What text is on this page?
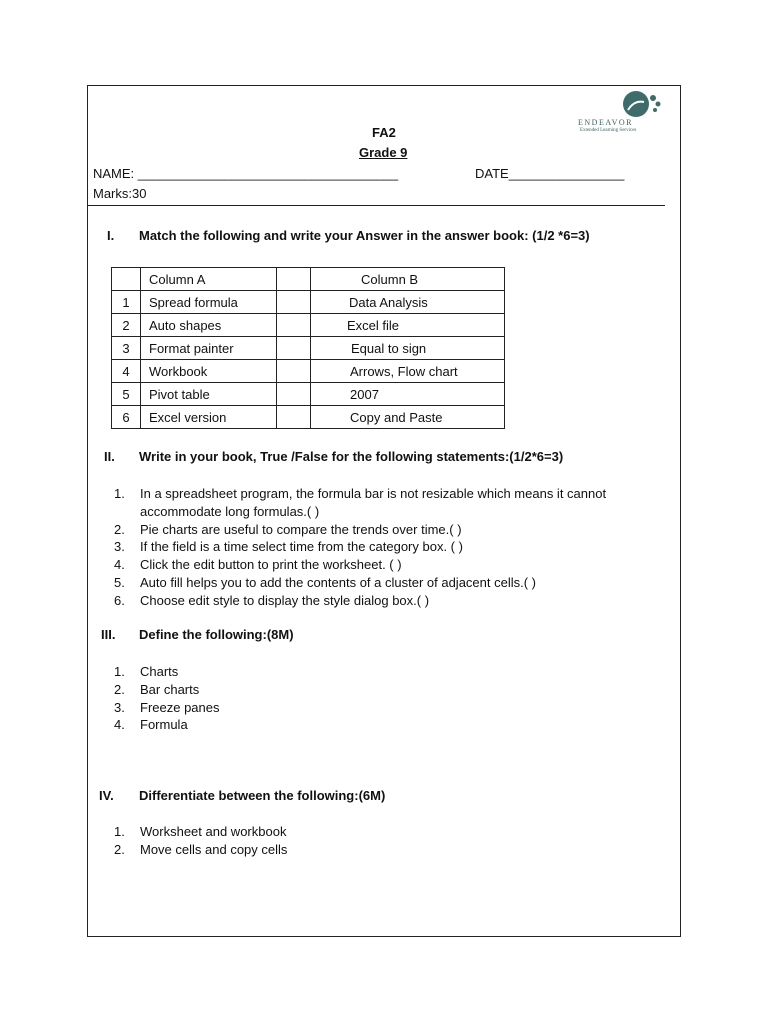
ENDEAVOR
Extended Learning Services
FA2
Grade 9
NAME: ____________________________________	DATE________________
Marks:30
I. Match the following and write your Answer in the answer book: (1/2 *6=3)
	Column A		Column B
1	Spread formula		Data Analysis
2	Auto shapes		Excel file
3	Format painter		Equal to sign
4	Workbook		Arrows, Flow chart
5	Pivot table		2007
6	Excel version		Copy and Paste
II. Write in your book, True /False for the following statements:(1/2*6=3)
1. In a spreadsheet program, the formula bar is not resizable which means it cannot
accommodate long formulas.( )
2. Pie charts are useful to compare the trends over time.( )
3. If the field is a time select time from the category box. ( )
4. Click the edit button to print the worksheet. ( )
5. Auto fill helps you to add the contents of a cluster of adjacent cells.( )
6. Choose edit style to display the style dialog box.( )
III. Define the following:(8M)
1. Charts
2. Bar charts
3. Freeze panes
4. Formula
IV. Differentiate between the following:(6M)
1. Worksheet and workbook
2. Move cells and copy cells
